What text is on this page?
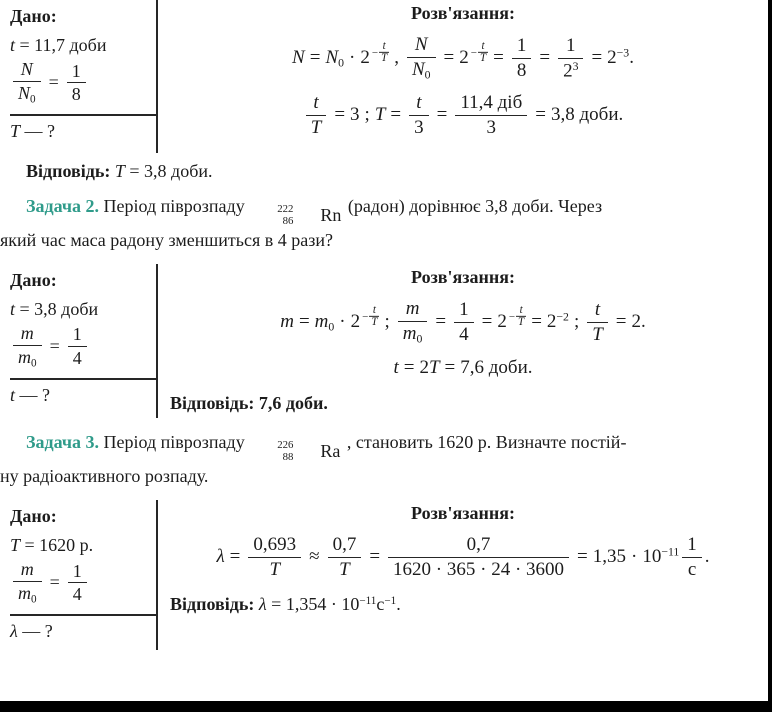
Дано:
t = 11,7 доби
$\frac{N}{N0} = \frac{1}{8}$
T — ?
Розв'язання:
$N = N0 \cdot 2 - \frac{t}{T}$ , $\frac{N}{N0} = 2 - \frac{t}{T} = \frac{1}{8} = \frac{1}{2^3} = 2^{-3}$.
$\frac{t}{T} = 3$ ; $T = \frac{t}{3} = \frac{\text{11,4 діб}}{3} = 3,8$ доби.
Відповідь: T = 3,8 доби.

Задача 2. Період піврозпаду	222
86	Rn (радон) дорівнює 3,8 доби. Через
який час маса радону зменшиться в 4 рази?

Дано:
t = 3,8 доби
$\frac{m}{m0} = \frac{1}{4}$
t — ?
Розв'язання:
$m = m0 \cdot 2 - \frac{t}{T}$ ; $\frac{m}{m0} = \frac{1}{4} = 2 - \frac{t}{T} = 2^{-2}$ ; $\frac{t}{T} = 2$.
t = 2T = 7,6 доби.
Відповідь: 7,6 доби.

Задача 3. Період піврозпаду	226
88	Ra , становить 1620 р. Визначте постій-
ну радіоактивного розпаду.

Дано:
T = 1620 р.
$\frac{m}{m0} = \frac{1}{4}$
λ — ?
Розв'язання:
$\lambda = \frac{0,693}{T} \approx \frac{0,7}{T} = \frac{0,7}{1620 \cdot 365 \cdot 24 \cdot 3600} = 1,35 \cdot 10^{-11} \frac{1}{c}$ .
Відповідь: $\lambda = 1,354 \cdot 10^{-11}с^{-1}$.
